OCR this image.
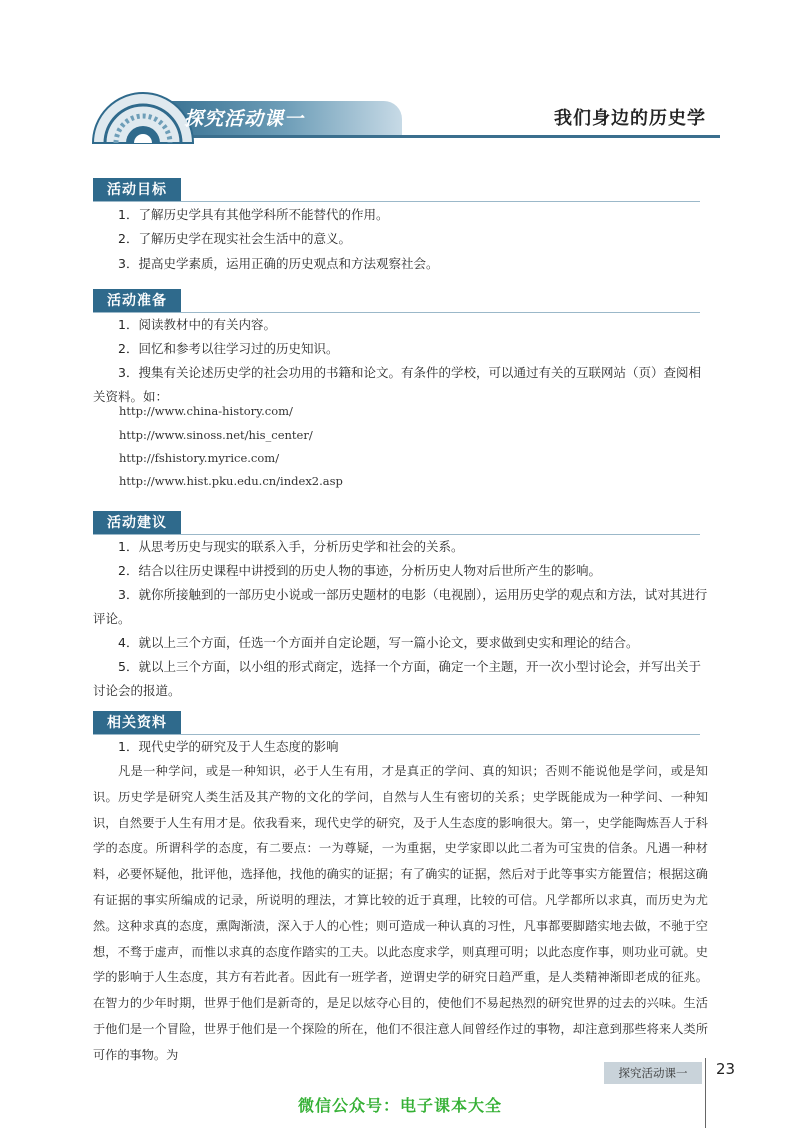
探究活动课一	我们身边的历史学
活动目标
1．了解历史学具有其他学科所不能替代的作用。
2．了解历史学在现实社会生活中的意义。
3．提高史学素质，运用正确的历史观点和方法观察社会。
活动准备
1．阅读教材中的有关内容。
2．回忆和参考以往学习过的历史知识。
3．搜集有关论述历史学的社会功用的书籍和论文。有条件的学校，可以通过有关的互联网站（页）查阅相关资料。如：
http://www.china-history.com/
http://www.sinoss.net/his_center/
http://fshistory.myrice.com/
http://www.hist.pku.edu.cn/index2.asp
活动建议
1．从思考历史与现实的联系入手，分析历史学和社会的关系。
2．结合以往历史课程中讲授到的历史人物的事迹，分析历史人物对后世所产生的影响。
3．就你所接触到的一部历史小说或一部历史题材的电影（电视剧），运用历史学的观点和方法，试对其进行评论。
4．就以上三个方面，任选一个方面并自定论题，写一篇小论文，要求做到史实和理论的结合。
5．就以上三个方面，以小组的形式商定，选择一个方面，确定一个主题，开一次小型讨论会，并写出关于讨论会的报道。
相关资料
1．现代史学的研究及于人生态度的影响
凡是一种学问，或是一种知识，必于人生有用，才是真正的学问、真的知识；否则不能说他是学问，或是知识。历史学是研究人类生活及其产物的文化的学问，自然与人生有密切的关系；史学既能成为一种学问、一种知识，自然要于人生有用才是。依我看来，现代史学的研究，及于人生态度的影响很大。第一，史学能陶炼吾人于科学的态度。所谓科学的态度，有二要点：一为尊疑，一为重据，史学家即以此二者为可宝贵的信条。凡遇一种材料，必要怀疑他，批评他，选择他，找他的确实的证据；有了确实的证据，然后对于此等事实方能置信；根据这确有证据的事实所编成的记录，所说明的理法，才算比较的近于真理，比较的可信。凡学都所以求真，而历史为尤然。这种求真的态度，熏陶渐渍，深入于人的心性；则可造成一种认真的习性，凡事都要脚踏实地去做，不驰于空想，不骛于虚声，而惟以求真的态度作踏实的工夫。以此态度求学，则真理可明；以此态度作事，则功业可就。史学的影响于人生态度，其方有若此者。因此有一班学者，逆谓史学的研究日趋严重，是人类精神渐即老成的征兆。在智力的少年时期，世界于他们是新奇的，是足以炫夺心目的，使他们不易起热烈的研究世界的过去的兴味。生活于他们是一个冒险，世界于他们是一个探险的所在，他们不很注意人间曾经作过的事物，却注意到那些将来人类所可作的事物。为
探究活动课一	23
微信公众号：电子课本大全
